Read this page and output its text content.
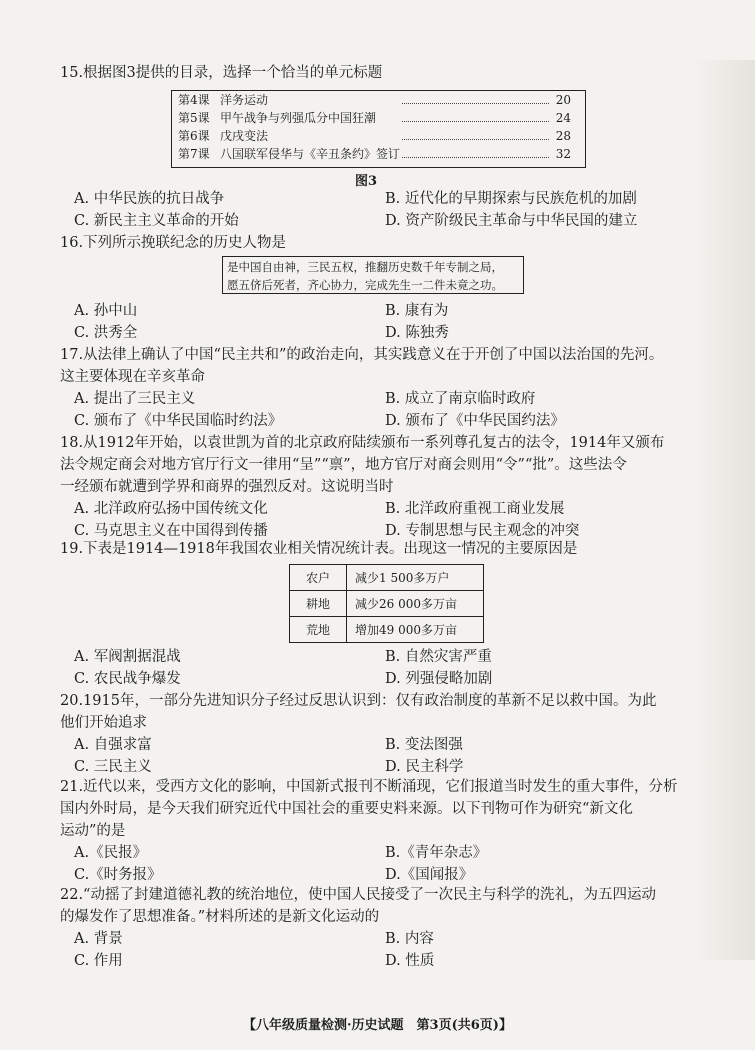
15.根据图3提供的目录，选择一个恰当的单元标题
第4课 洋务运动	20
第5课 甲午战争与列强瓜分中国狂潮	24
第6课 戊戌变法	28
第7课 八国联军侵华与《辛丑条约》签订	32
图3
A. 中华民族的抗日战争	B. 近代化的早期探索与民族危机的加剧
C. 新民主主义革命的开始	D. 资产阶级民主革命与中华民国的建立
16.下列所示挽联纪念的历史人物是
是中国自由神，三民五权，推翻历史数千年专制之局，
愿五侪后死者，齐心协力，完成先生一二件未竟之功。
A. 孙中山	B. 康有为
C. 洪秀全	D. 陈独秀
17.从法律上确认了中国“民主共和”的政治走向，其实践意义在于开创了中国以法治国的先河。
这主要体现在辛亥革命
A. 提出了三民主义	B. 成立了南京临时政府
C. 颁布了《中华民国临时约法》	D. 颁布了《中华民国约法》
18.从1912年开始，以袁世凯为首的北京政府陆续颁布一系列尊孔复古的法令，1914年又颁布
法令规定商会对地方官厅行文一律用“呈”“禀”，地方官厅对商会则用“令”“批”。这些法令
一经颁布就遭到学界和商界的强烈反对。这说明当时
A. 北洋政府弘扬中国传统文化	B. 北洋政府重视工商业发展
C. 马克思主义在中国得到传播	D. 专制思想与民主观念的冲突
19.下表是1914—1918年我国农业相关情况统计表。出现这一情况的主要原因是
农户	减少1 500多万户
耕地	减少26 000多万亩
荒地	增加49 000多万亩
A. 军阀割据混战	B. 自然灾害严重
C. 农民战争爆发	D. 列强侵略加剧
20.1915年，一部分先进知识分子经过反思认识到：仅有政治制度的革新不足以救中国。为此
他们开始追求
A. 自强求富	B. 变法图强
C. 三民主义	D. 民主科学
21.近代以来，受西方文化的影响，中国新式报刊不断涌现，它们报道当时发生的重大事件，分析
国内外时局，是今天我们研究近代中国社会的重要史料来源。以下刊物可作为研究“新文化
运动”的是
A.《民报》	B.《青年杂志》
C.《时务报》	D.《国闻报》
22.“动摇了封建道德礼教的统治地位，使中国人民接受了一次民主与科学的洗礼，为五四运动
的爆发作了思想准备。”材料所述的是新文化运动的
A. 背景	B. 内容
C. 作用	D. 性质
【八年级质量检测·历史试题　第3页(共6页)】
